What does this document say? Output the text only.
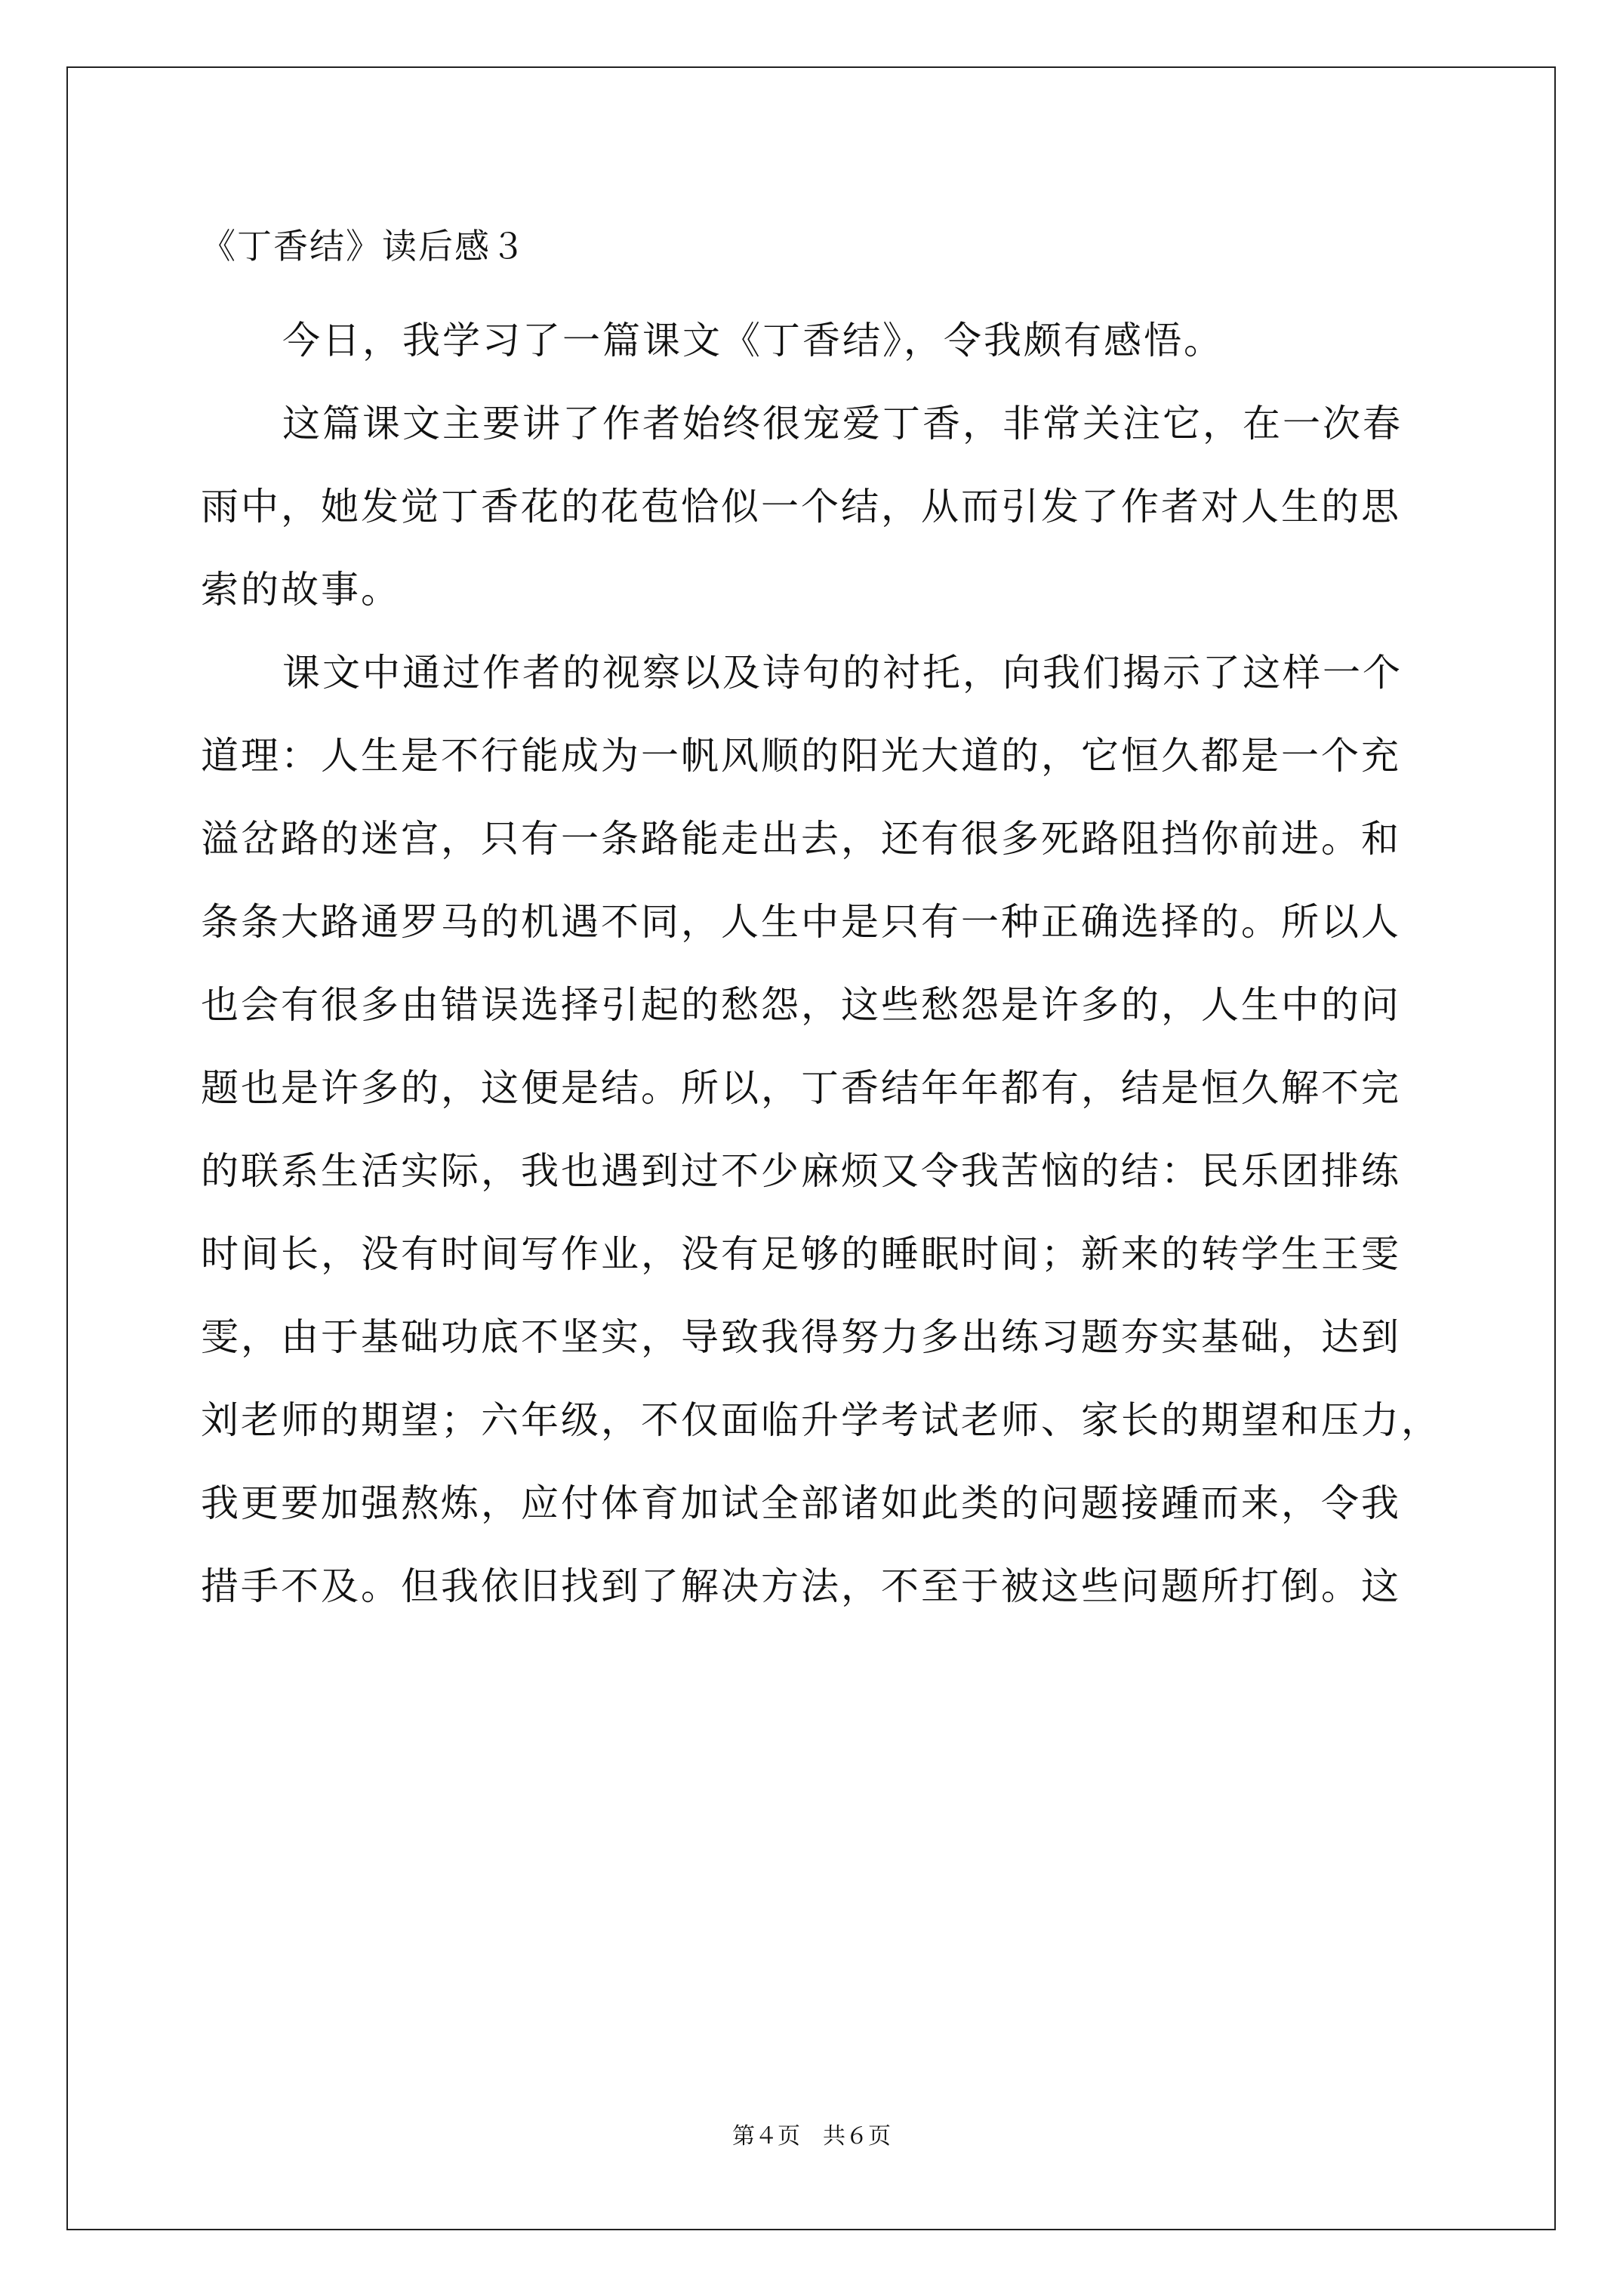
《丁香结》读后感３
今日，我学习了一篇课文《丁香结》，令我颇有感悟。
这篇课文主要讲了作者始终很宠爱丁香，非常关注它，在一次春
雨中，她发觉丁香花的花苞恰似一个结，从而引发了作者对人生的思
索的故事。
课文中通过作者的视察以及诗句的衬托，向我们揭示了这样一个
道理：人生是不行能成为一帆风顺的阳光大道的，它恒久都是一个充
溢岔路的迷宫，只有一条路能走出去，还有很多死路阻挡你前进。和
条条大路通罗马的机遇不同，人生中是只有一种正确选择的。所以人
也会有很多由错误选择引起的愁怨，这些愁怨是许多的，人生中的问
题也是许多的，这便是结。所以，丁香结年年都有，结是恒久解不完
的联系生活实际，我也遇到过不少麻烦又令我苦恼的结：民乐团排练
时间长，没有时间写作业，没有足够的睡眠时间；新来的转学生王雯
雯，由于基础功底不坚实，导致我得努力多出练习题夯实基础，达到
刘老师的期望；六年级，不仅面临升学考试老师、家长的期望和压力，
我更要加强熬炼，应付体育加试全部诸如此类的问题接踵而来，令我
措手不及。但我依旧找到了解决方法，不至于被这些问题所打倒。这
第４页　共６页
